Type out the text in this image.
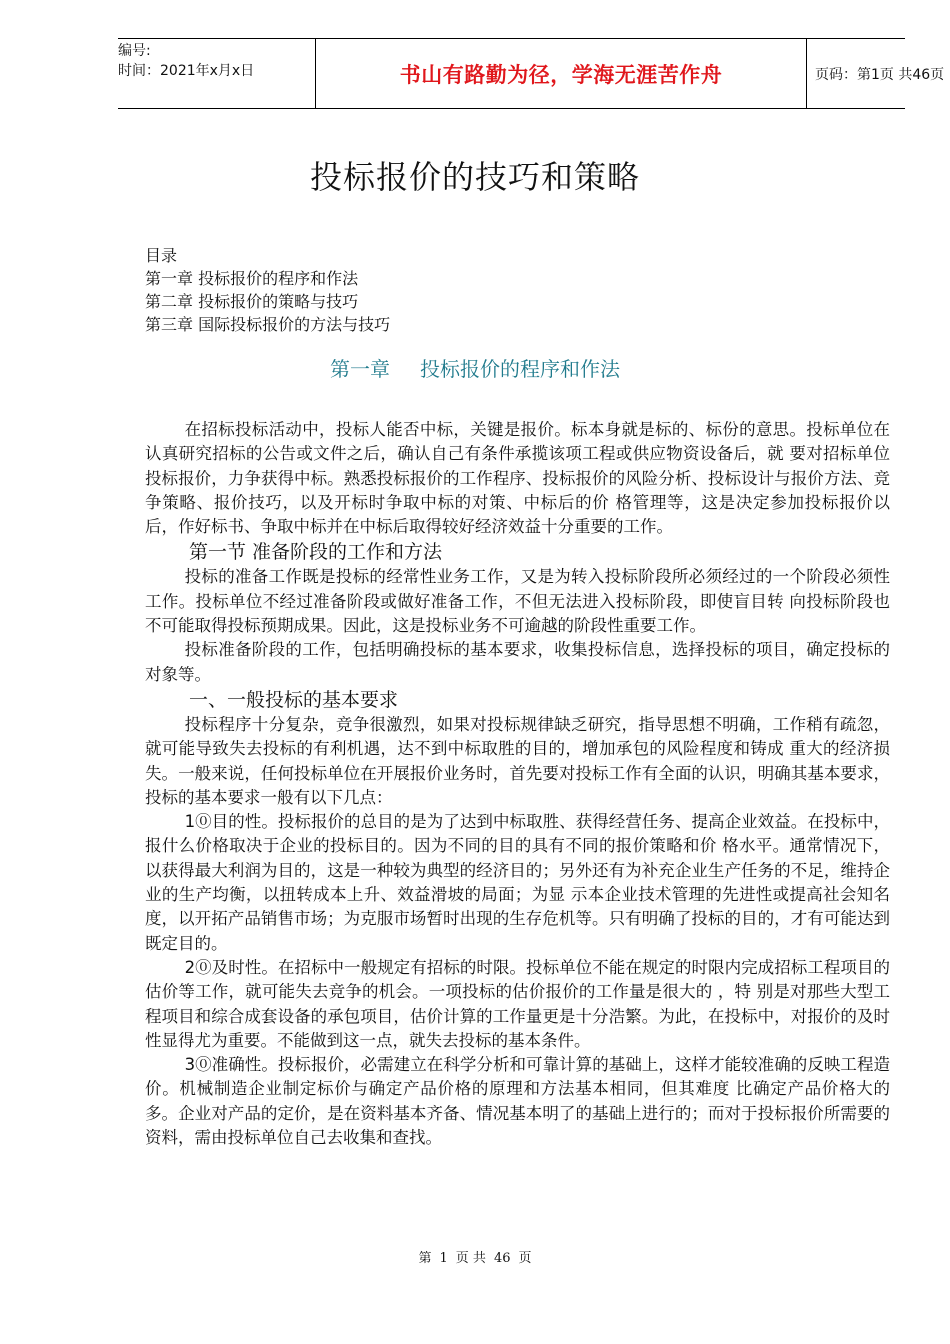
编号:
时间：2021年x月x日	书山有路勤为径，学海无涯苦作舟	页码：第1页 共46页
投标报价的技巧和策略
目录
第一章 投标报价的程序和作法
第二章 投标报价的策略与技巧
第三章 国际投标报价的方法与技巧
第一章 投标报价的程序和作法

在招标投标活动中，投标人能否中标，关键是报价。标本身就是标的、标份的意思。投标单位在认真研究招标的公告或文件之后，确认自己有条件承揽该项工程或供应物资设备后，就 要对招标单位投标报价，力争获得中标。熟悉投标报价的工作程序、投标报价的风险分析、投标设计与报价方法、竞争策略、报价技巧，以及开标时争取中标的对策、中标后的价 格管理等，这是决定参加投标报价以后，作好标书、争取中标并在中标后取得较好经济效益十分重要的工作。

第一节 准备阶段的工作和方法

投标的准备工作既是投标的经常性业务工作，又是为转入投标阶段所必须经过的一个阶段必须性工作。投标单位不经过准备阶段或做好准备工作，不但无法进入投标阶段，即使盲目转 向投标阶段也不可能取得投标预期成果。因此，这是投标业务不可逾越的阶段性重要工作。

投标准备阶段的工作，包括明确投标的基本要求，收集投标信息，选择投标的项目，确定投标的对象等。

一、一般投标的基本要求

投标程序十分复杂，竞争很激烈，如果对投标规律缺乏研究，指导思想不明确，工作稍有疏忽，就可能导致失去投标的有利机遇，达不到中标取胜的目的，增加承包的风险程度和铸成 重大的经济损失。一般来说，任何投标单位在开展报价业务时，首先要对投标工作有全面的认识，明确其基本要求，投标的基本要求一般有以下几点：

1⓪目的性。投标报价的总目的是为了达到中标取胜、获得经营任务、提高企业效益。在投标中，报什么价格取决于企业的投标目的。因为不同的目的具有不同的报价策略和价 格水平。通常情况下，以获得最大利润为目的，这是一种较为典型的经济目的；另外还有为补充企业生产任务的不足，维持企业的生产均衡，以扭转成本上升、效益滑坡的局面；为显 示本企业技术管理的先进性或提高社会知名度，以开拓产品销售市场；为克服市场暂时出现的生存危机等。只有明确了投标的目的，才有可能达到既定目的。

2⓪及时性。在招标中一般规定有招标的时限。投标单位不能在规定的时限内完成招标工程项目的估价等工作，就可能失去竞争的机会。一项投标的估价报价的工作量是很大的 ，特 别是对那些大型工程项目和综合成套设备的承包项目，估价计算的工作量更是十分浩繁。为此，在投标中，对报价的及时性显得尤为重要。不能做到这一点，就失去投标的基本条件。

3⓪准确性。投标报价，必需建立在科学分析和可靠计算的基础上，这样才能较准确的反映工程造价。机械制造企业制定标价与确定产品价格的原理和方法基本相同，但其难度 比确定产品价格大的多。企业对产品的定价，是在资料基本齐备、情况基本明了的基础上进行的；而对于投标报价所需要的资料，需由投标单位自己去收集和查找。

第 1 页 共 46 页
